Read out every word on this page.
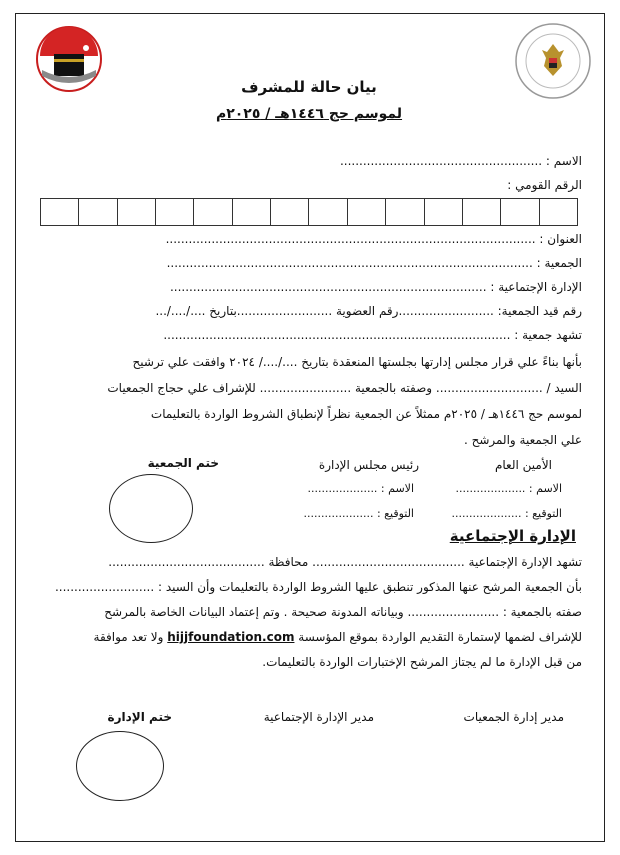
بيان حالة للمشرف
لموسم حج ١٤٤٦هـ / ٢٠٢٥م
الاسم : .....................................................
الرقم القومي :
العنوان : .................................................................................................
الجمعية : ................................................................................................
الإدارة الإجتماعية : ...................................................................................
رقم قيد الجمعية: .........................رقم العضوية .........................بتاريخ ..../..../...
تشهد جمعية : ...........................................................................................
بأنها بناءً علي قرار مجلس إدارتها بجلستها المنعقدة بتاريخ ..../..../ ٢٠٢٤ وافقت علي ترشيح
السيد / ............................ وصفته بالجمعية ........................ للإشراف علي حجاج الجمعيات
لموسم حج ١٤٤٦هـ / ٢٠٢٥م ممثلاً عن الجمعية نظراً لإنطباق الشروط الواردة بالتعليمات
علي الجمعية والمرشح .
الأمين العام
رئيس مجلس الإدارة
ختم الجمعية
الاسم : ....................
الاسم : ....................
التوقيع : ....................
التوقيع : ....................
الإدارة الإجتماعية
تشهد الإدارة الإجتماعية ........................................ محافظة .........................................
بأن الجمعية المرشح عنها المذكور تنطبق عليها الشروط الواردة بالتعليمات وأن السيد : ..........................
صفته بالجمعية : ........................ وبياناته المدونة صحيحة . وتم إعتماد البيانات الخاصة بالمرشح
للإشراف لضمها لإستمارة التقديم الواردة بموقع المؤسسة hijjfoundation.com ولا تعد موافقة
من قبل الإدارة ما لم يجتاز المرشح الإختبارات الواردة بالتعليمات.
مدير إدارة الجمعيات
مدير الإدارة الإجتماعية
ختم الإدارة
